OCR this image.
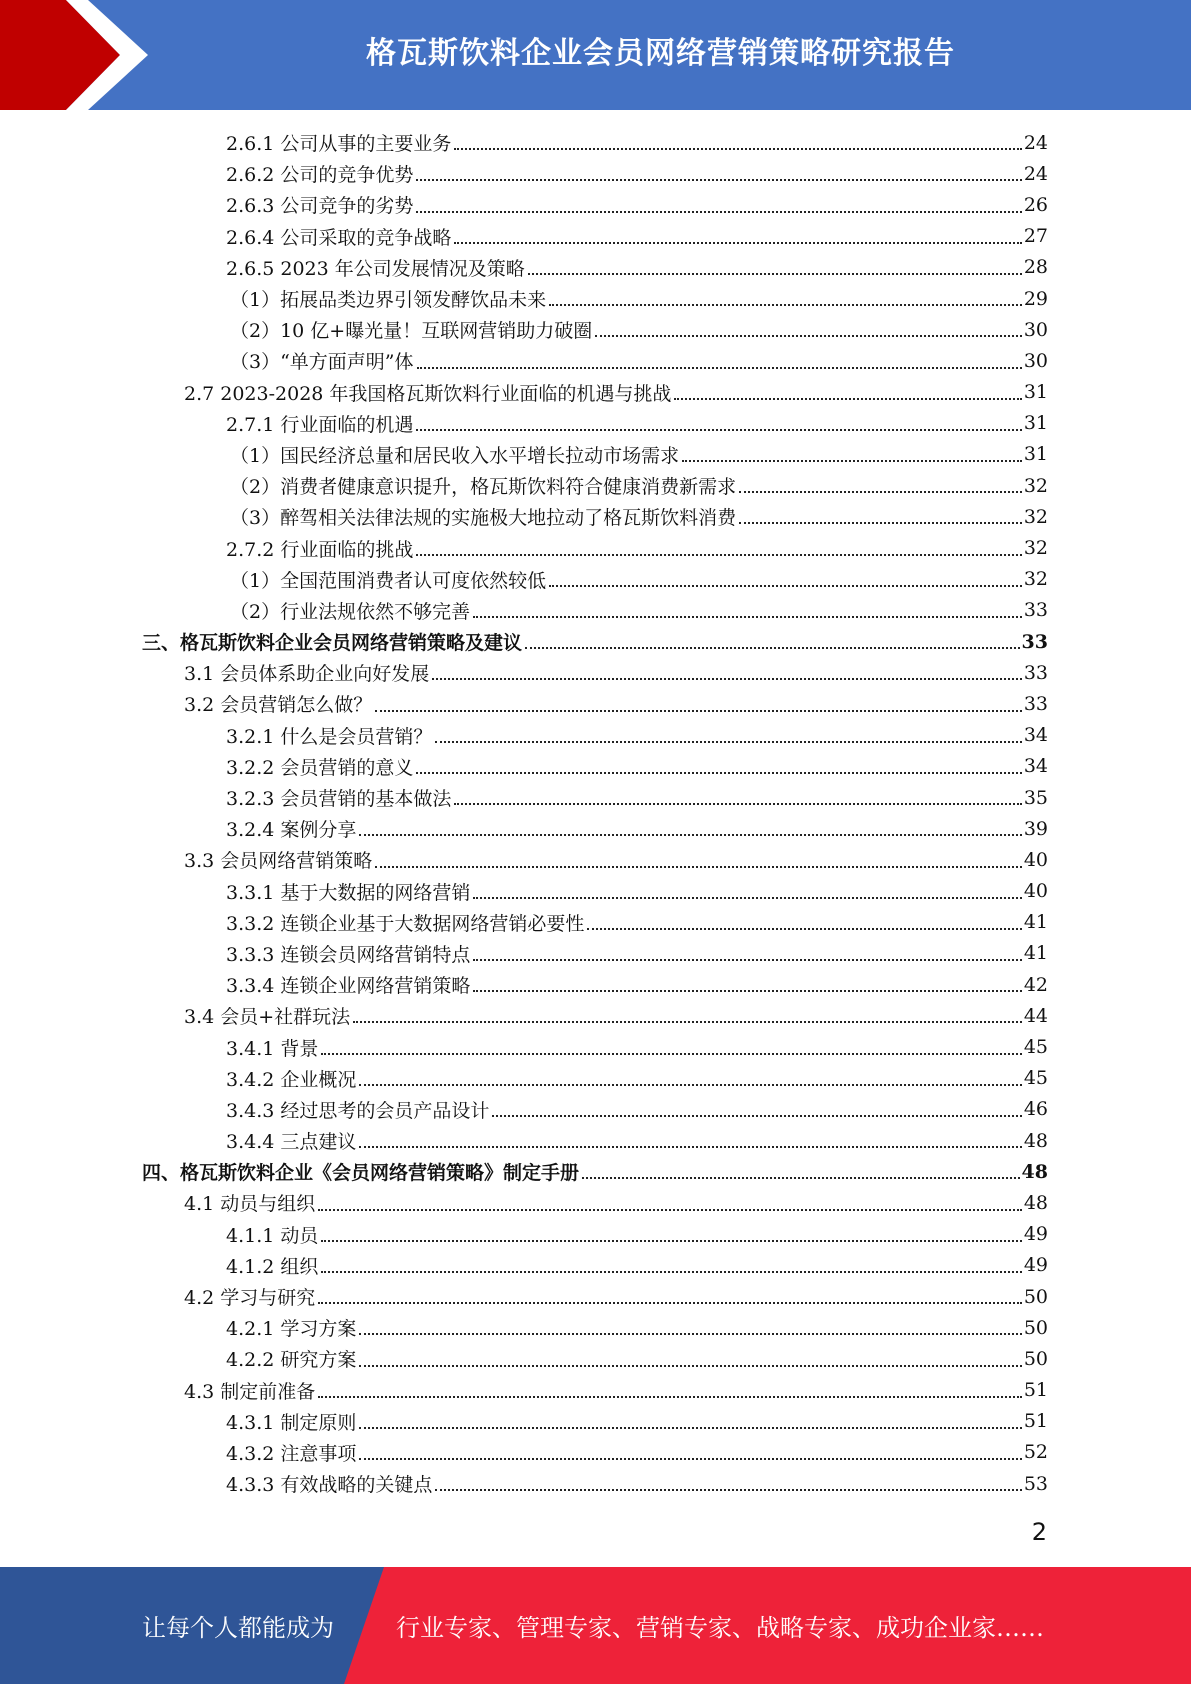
格瓦斯饮料企业会员网络营销策略研究报告
2.6.1 公司从事的主要业务	24
2.6.2 公司的竞争优势	24
2.6.3 公司竞争的劣势	26
2.6.4 公司采取的竞争战略	27
2.6.5 2023 年公司发展情况及策略	28
（1）拓展品类边界引领发酵饮品未来	29
（2）10 亿+曝光量！互联网营销助力破圈	30
（3）“单方面声明”体	30
2.7 2023-2028 年我国格瓦斯饮料行业面临的机遇与挑战	31
2.7.1 行业面临的机遇	31
（1）国民经济总量和居民收入水平增长拉动市场需求	31
（2）消费者健康意识提升，格瓦斯饮料符合健康消费新需求	32
（3）醉驾相关法律法规的实施极大地拉动了格瓦斯饮料消费	32
2.7.2 行业面临的挑战	32
（1）全国范围消费者认可度依然较低	32
（2）行业法规依然不够完善	33
三、格瓦斯饮料企业会员网络营销策略及建议	33
3.1 会员体系助企业向好发展	33
3.2 会员营销怎么做？	33
3.2.1 什么是会员营销？	34
3.2.2 会员营销的意义	34
3.2.3 会员营销的基本做法	35
3.2.4 案例分享	39
3.3 会员网络营销策略	40
3.3.1 基于大数据的网络营销	40
3.3.2 连锁企业基于大数据网络营销必要性	41
3.3.3 连锁会员网络营销特点	41
3.3.4 连锁企业网络营销策略	42
3.4 会员+社群玩法	44
3.4.1 背景	45
3.4.2 企业概况	45
3.4.3 经过思考的会员产品设计	46
3.4.4 三点建议	48
四、格瓦斯饮料企业《会员网络营销策略》制定手册	48
4.1 动员与组织	48
4.1.1 动员	49
4.1.2 组织	49
4.2 学习与研究	50
4.2.1 学习方案	50
4.2.2 研究方案	50
4.3 制定前准备	51
4.3.1 制定原则	51
4.3.2 注意事项	52
4.3.3 有效战略的关键点	53
2
让每个人都能成为	行业专家、管理专家、营销专家、战略专家、成功企业家……
